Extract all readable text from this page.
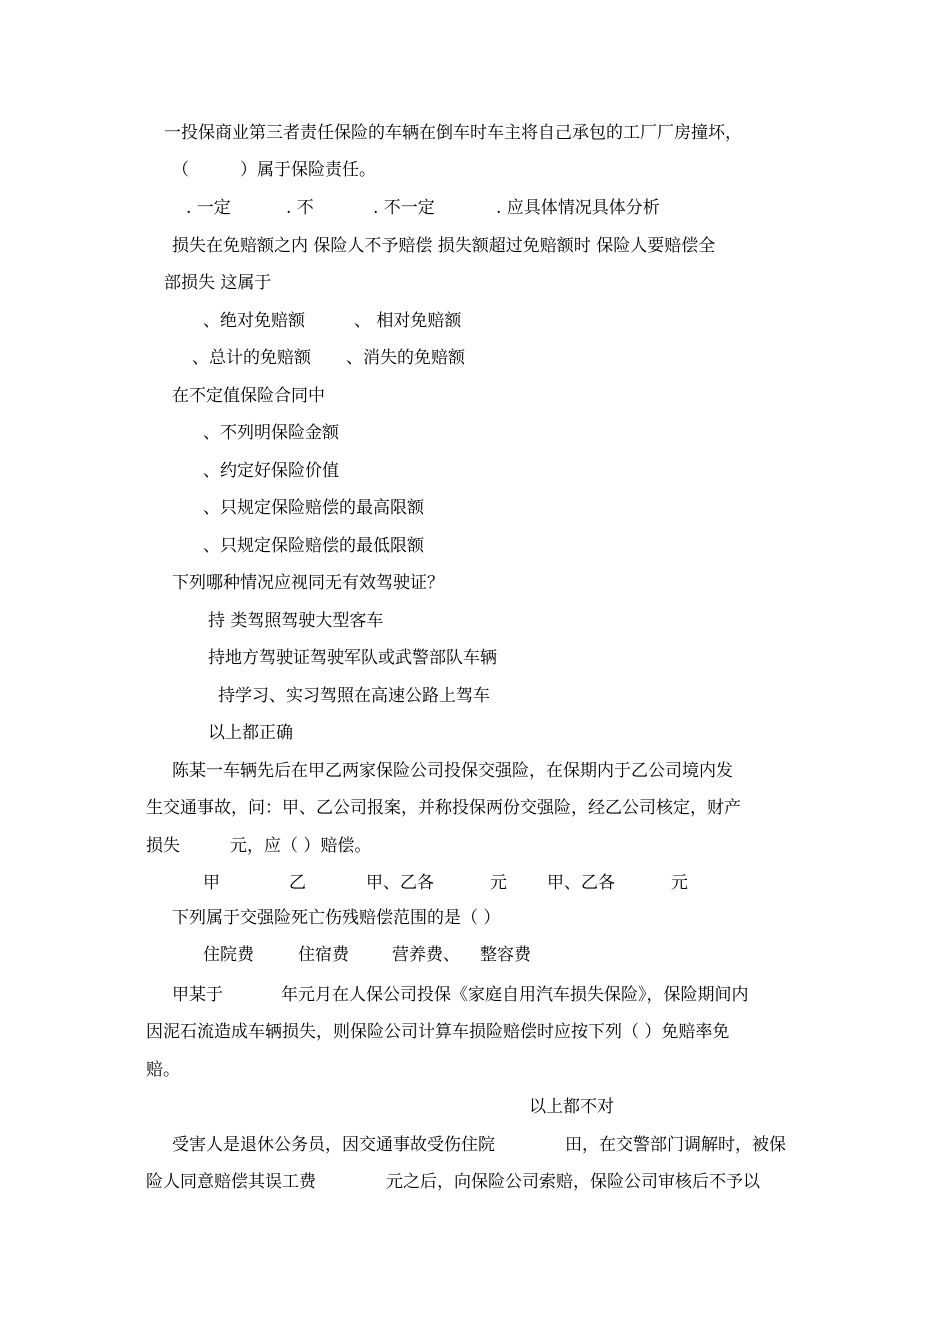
一投保商业第三者责任保险的车辆在倒车时车主将自己承包的工厂厂房撞坏，
（　　　）属于保险责任。
. 一定	. 不	. 不一定	. 应具体情况具体分析
损失在免赔额之内 保险人不予赔偿 损失额超过免赔额时 保险人要赔偿全
部损失 这属于
、绝对免赔额	、 相对免赔额
、总计的免赔额 、消失的免赔额
在不定值保险合同中
、不列明保险金额
、约定好保险价值
、只规定保险赔偿的最高限额
、只规定保险赔偿的最低限额
下列哪种情况应视同无有效驾驶证？
持 类驾照驾驶大型客车
持地方驾驶证驾驶军队或武警部队车辆
持学习、实习驾照在高速公路上驾车
以上都正确
陈某一车辆先后在甲乙两家保险公司投保交强险，在保期内于乙公司境内发
生交通事故，问：甲、乙公司报案，并称投保两份交强险，经乙公司核定，财产
损失	元，应（ ）赔偿。
甲	乙	甲、乙各	元 甲、乙各	元
下列属于交强险死亡伤残赔偿范围的是（ ）
住院费	住宿费	营养费、 整容费
甲某于	年元月在人保公司投保《家庭自用汽车损失保险》，保险期间内
因泥石流造成车辆损失，则保险公司计算车损险赔偿时应按下列（ ）免赔率免
赔。
以上都不对
受害人是退休公务员，因交通事故受伤住院	田，在交警部门调解时，被保
险人同意赔偿其误工费	元之后，向保险公司索赔，保险公司审核后不予以
